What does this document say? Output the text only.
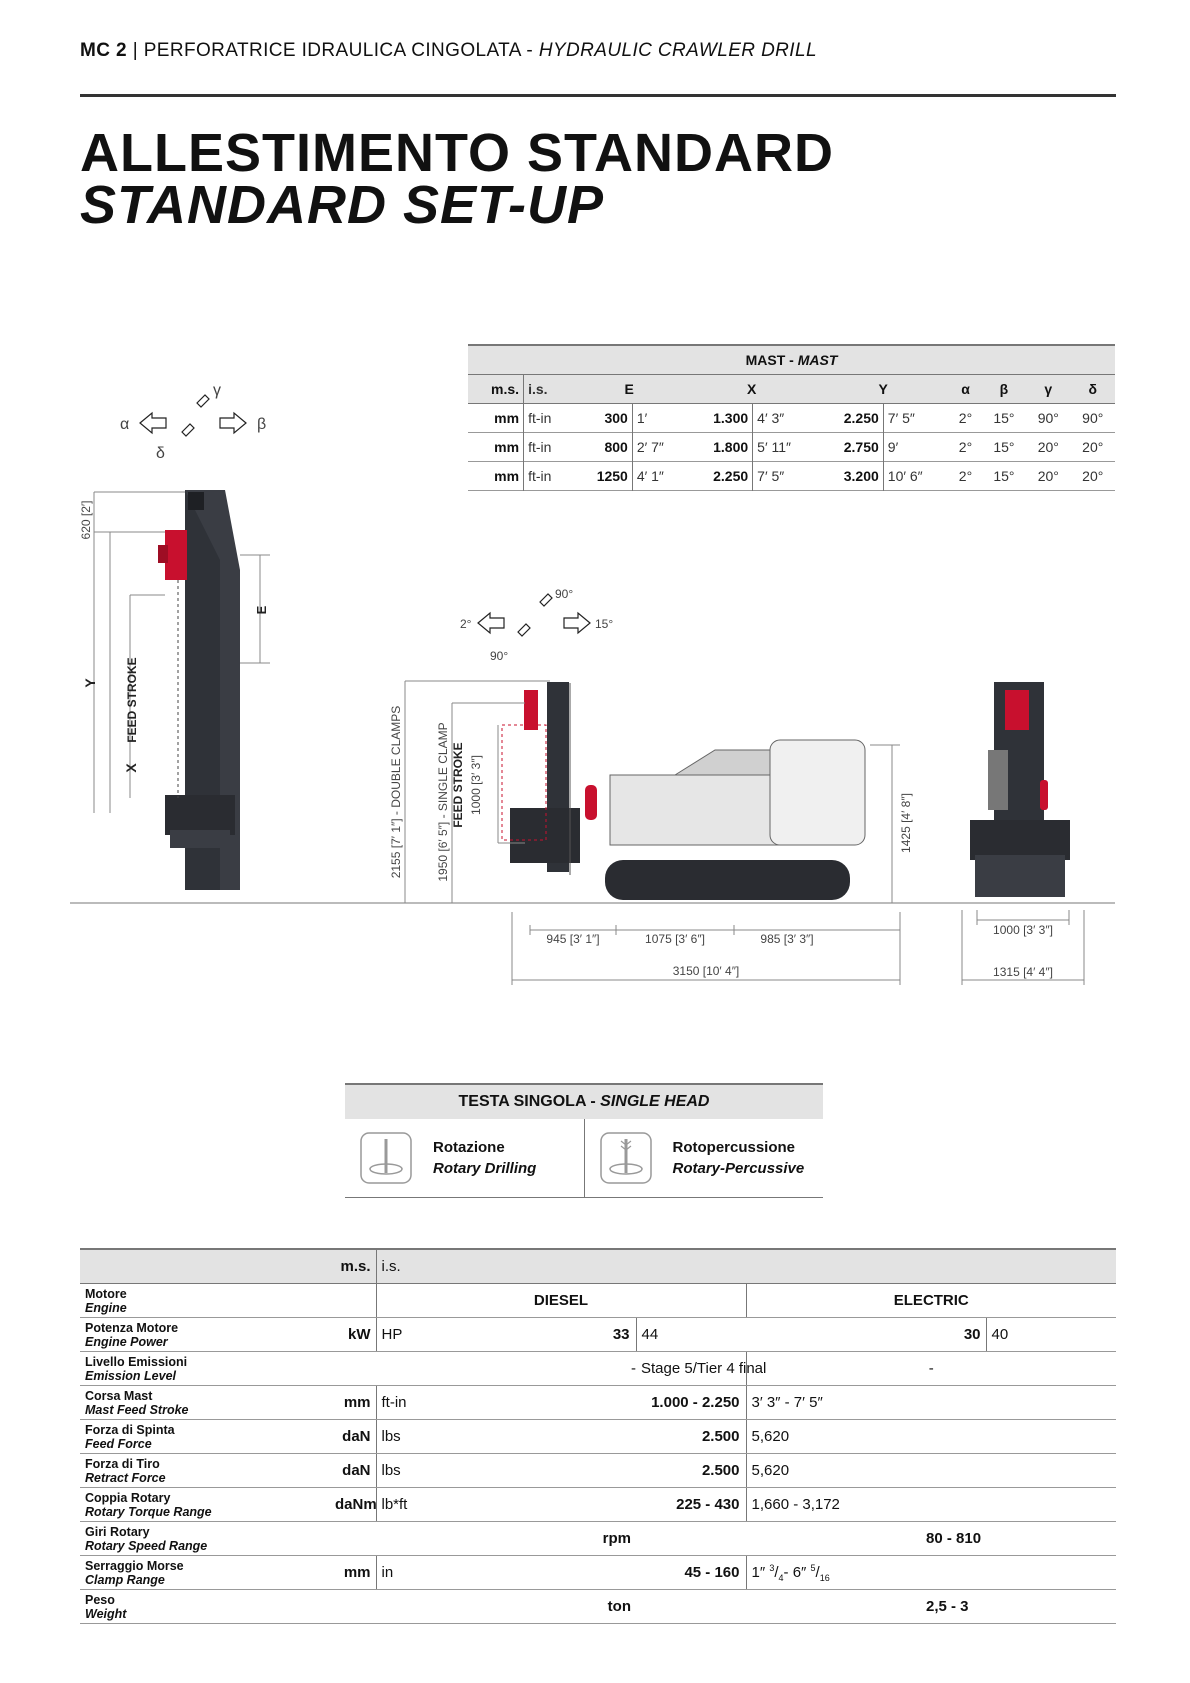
MC 2 | PERFORATRICE IDRAULICA CINGOLATA - HYDRAULIC CRAWLER DRILL
ALLESTIMENTO STANDARD
STANDARD SET-UP
MAST - MAST											
m.s.	i.s.	E		X		Y		α	β	γ	δ
mm	ft-in	300	1′	1.300	4′ 3″	2.250	7′ 5″	2°	15°	90°	90°
mm	ft-in	800	2′ 7″	1.800	5′ 11″	2.750	9′	2°	15°	20°	20°
mm	ft-in	1250	4′ 1″	2.250	7′ 5″	3.200	10′ 6″	2°	15°	20°	20°
α	β
γ
δ
620 [2′]
Y
X
FEED STROKE
E
2°	15°
90°
90°
2155 [7′ 1″] - DOUBLE CLAMPS	1950 [6′ 5″] - SINGLE CLAMP FEED STROKE 1000 [3′ 3″]
1425 [4′ 8″]
945 [3′ 1″]	1075 [3′ 6″]	985 [3′ 3″]
3150 [10′ 4″]
1000 [3′ 3″]
1315 [4′ 4″]
TESTA SINGOLA - SINGLE HEAD
Rotazione
Rotary Drilling
Rotopercussione
Rotary-Percussive
	m.s.	i.s.			
Motore
Engine		DIESEL		ELECTRIC	
Potenza Motore
Engine Power	kW	HP 33	44	30	40
Livello Emissioni
Emission Level	-		Stage 5/Tier 4 final	-	
Corsa Mast
Mast Feed Stroke	mm	ft-in 1.000 - 2.250		3′ 3″ - 7′ 5″	
Forza di Spinta
Feed Force	daN	lbs 2.500		5,620	
Forza di Tiro
Retract Force	daN	lbs 2.500		5,620	
Coppia Rotary
Rotary Torque Range	daNm	lb*ft 225 - 430		1,660 - 3,172	
Giri Rotary
Rotary Speed Range	rpm		80 - 810		
Serraggio Morse
Clamp Range	mm	in 45 - 160		1″ $^3/_4-$ 6″ $^5/_{16}$
Peso
Weight	ton		2,5 - 3		
